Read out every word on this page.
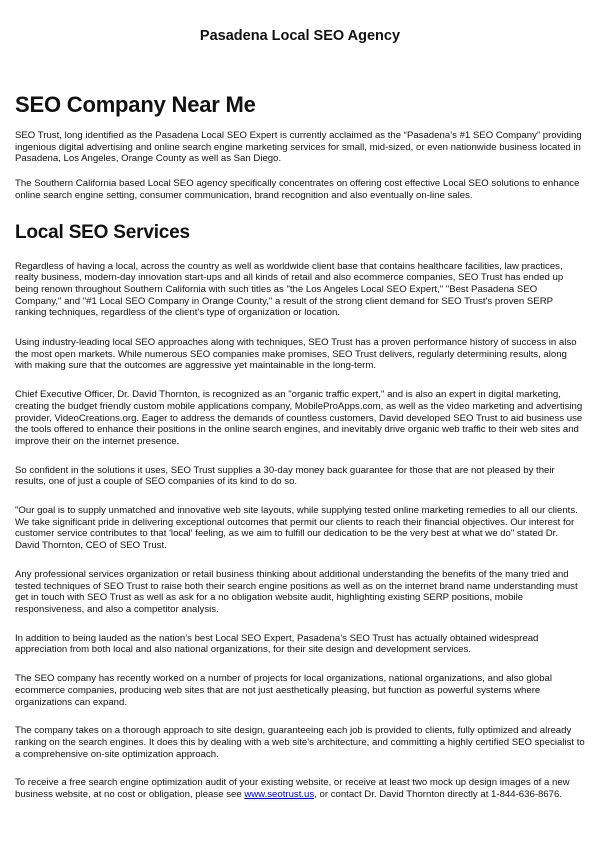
Pasadena Local SEO Agency
SEO Company Near Me

SEO Trust, long identified as the Pasadena Local SEO Expert is currently acclaimed as the “Pasadena’s #1 SEO Company” providing ingenious digital advertising and online search engine marketing services for small, mid-sized, or even nationwide business located in Pasadena, Los Angeles, Orange County as well as San Diego.

The Southern California based Local SEO agency specifically concentrates on offering cost effective Local SEO solutions to enhance online search engine setting, consumer communication, brand recognition and also eventually on-line sales.

Local SEO Services

Regardless of having a local, across the country as well as worldwide client base that contains healthcare facilities, law practices, realty business, modern-day innovation start-ups and all kinds of retail and also ecommerce companies, SEO Trust has ended up being renown throughout Southern California with such titles as "the Los Angeles Local SEO Expert," "Best Pasadena SEO Company," and "#1 Local SEO Company in Orange County," a result of the strong client demand for SEO Trust's proven SERP ranking techniques, regardless of the client's type of organization or location.

Using industry-leading local SEO approaches along with techniques, SEO Trust has a proven performance history of success in also the most open markets. While numerous SEO companies make promises, SEO Trust delivers, regularly determining results, along with making sure that the outcomes are aggressive yet maintainable in the long-term.

Chief Executive Officer, Dr. David Thornton, is recognized as an "organic traffic expert," and is also an expert in digital marketing, creating the budget friendly custom mobile applications company, MobileProApps.com, as well as the video marketing and advertising provider, VideoCreations.org. Eager to address the demands of countless customers, David developed SEO Trust to aid business use the tools offered to enhance their positions in the online search engines, and inevitably drive organic web traffic to their web sites and improve their on the internet presence.

So confident in the solutions it uses, SEO Trust supplies a 30-day money back guarantee for those that are not pleased by their results, one of just a couple of SEO companies of its kind to do so.

"Our goal is to supply unmatched and innovative web site layouts, while supplying tested online marketing remedies to all our clients. We take significant pride in delivering exceptional outcomes that permit our clients to reach their financial objectives. Our interest for customer service contributes to that 'local' feeling, as we aim to fulfill our dedication to be the very best at what we do" stated Dr. David Thornton, CEO of SEO Trust.

Any professional services organization or retail business thinking about additional understanding the benefits of the many tried and tested techniques of SEO Trust to raise both their search engine positions as well as on the internet brand name understanding must get in touch with SEO Trust as well as ask for a no obligation website audit, highlighting existing SERP positions, mobile responsiveness, and also a competitor analysis.

In addition to being lauded as the nation’s best Local SEO Expert, Pasadena’s SEO Trust has actually obtained widespread appreciation from both local and also national organizations, for their site design and development services.

The SEO company has recently worked on a number of projects for local organizations, national organizations, and also global ecommerce companies, producing web sites that are not just aesthetically pleasing, but function as powerful systems where organizations can expand.

The company takes on a thorough approach to site design, guaranteeing each job is provided to clients, fully optimized and already ranking on the search engines. It does this by dealing with a web site's architecture, and committing a highly certified SEO specialist to a comprehensive on-site optimization approach.

To receive a free search engine optimization audit of your existing website, or receive at least two mock up design images of a new business website, at no cost or obligation, please see www.seotrust.us, or contact Dr. David Thornton directly at 1-844-636-8676.
